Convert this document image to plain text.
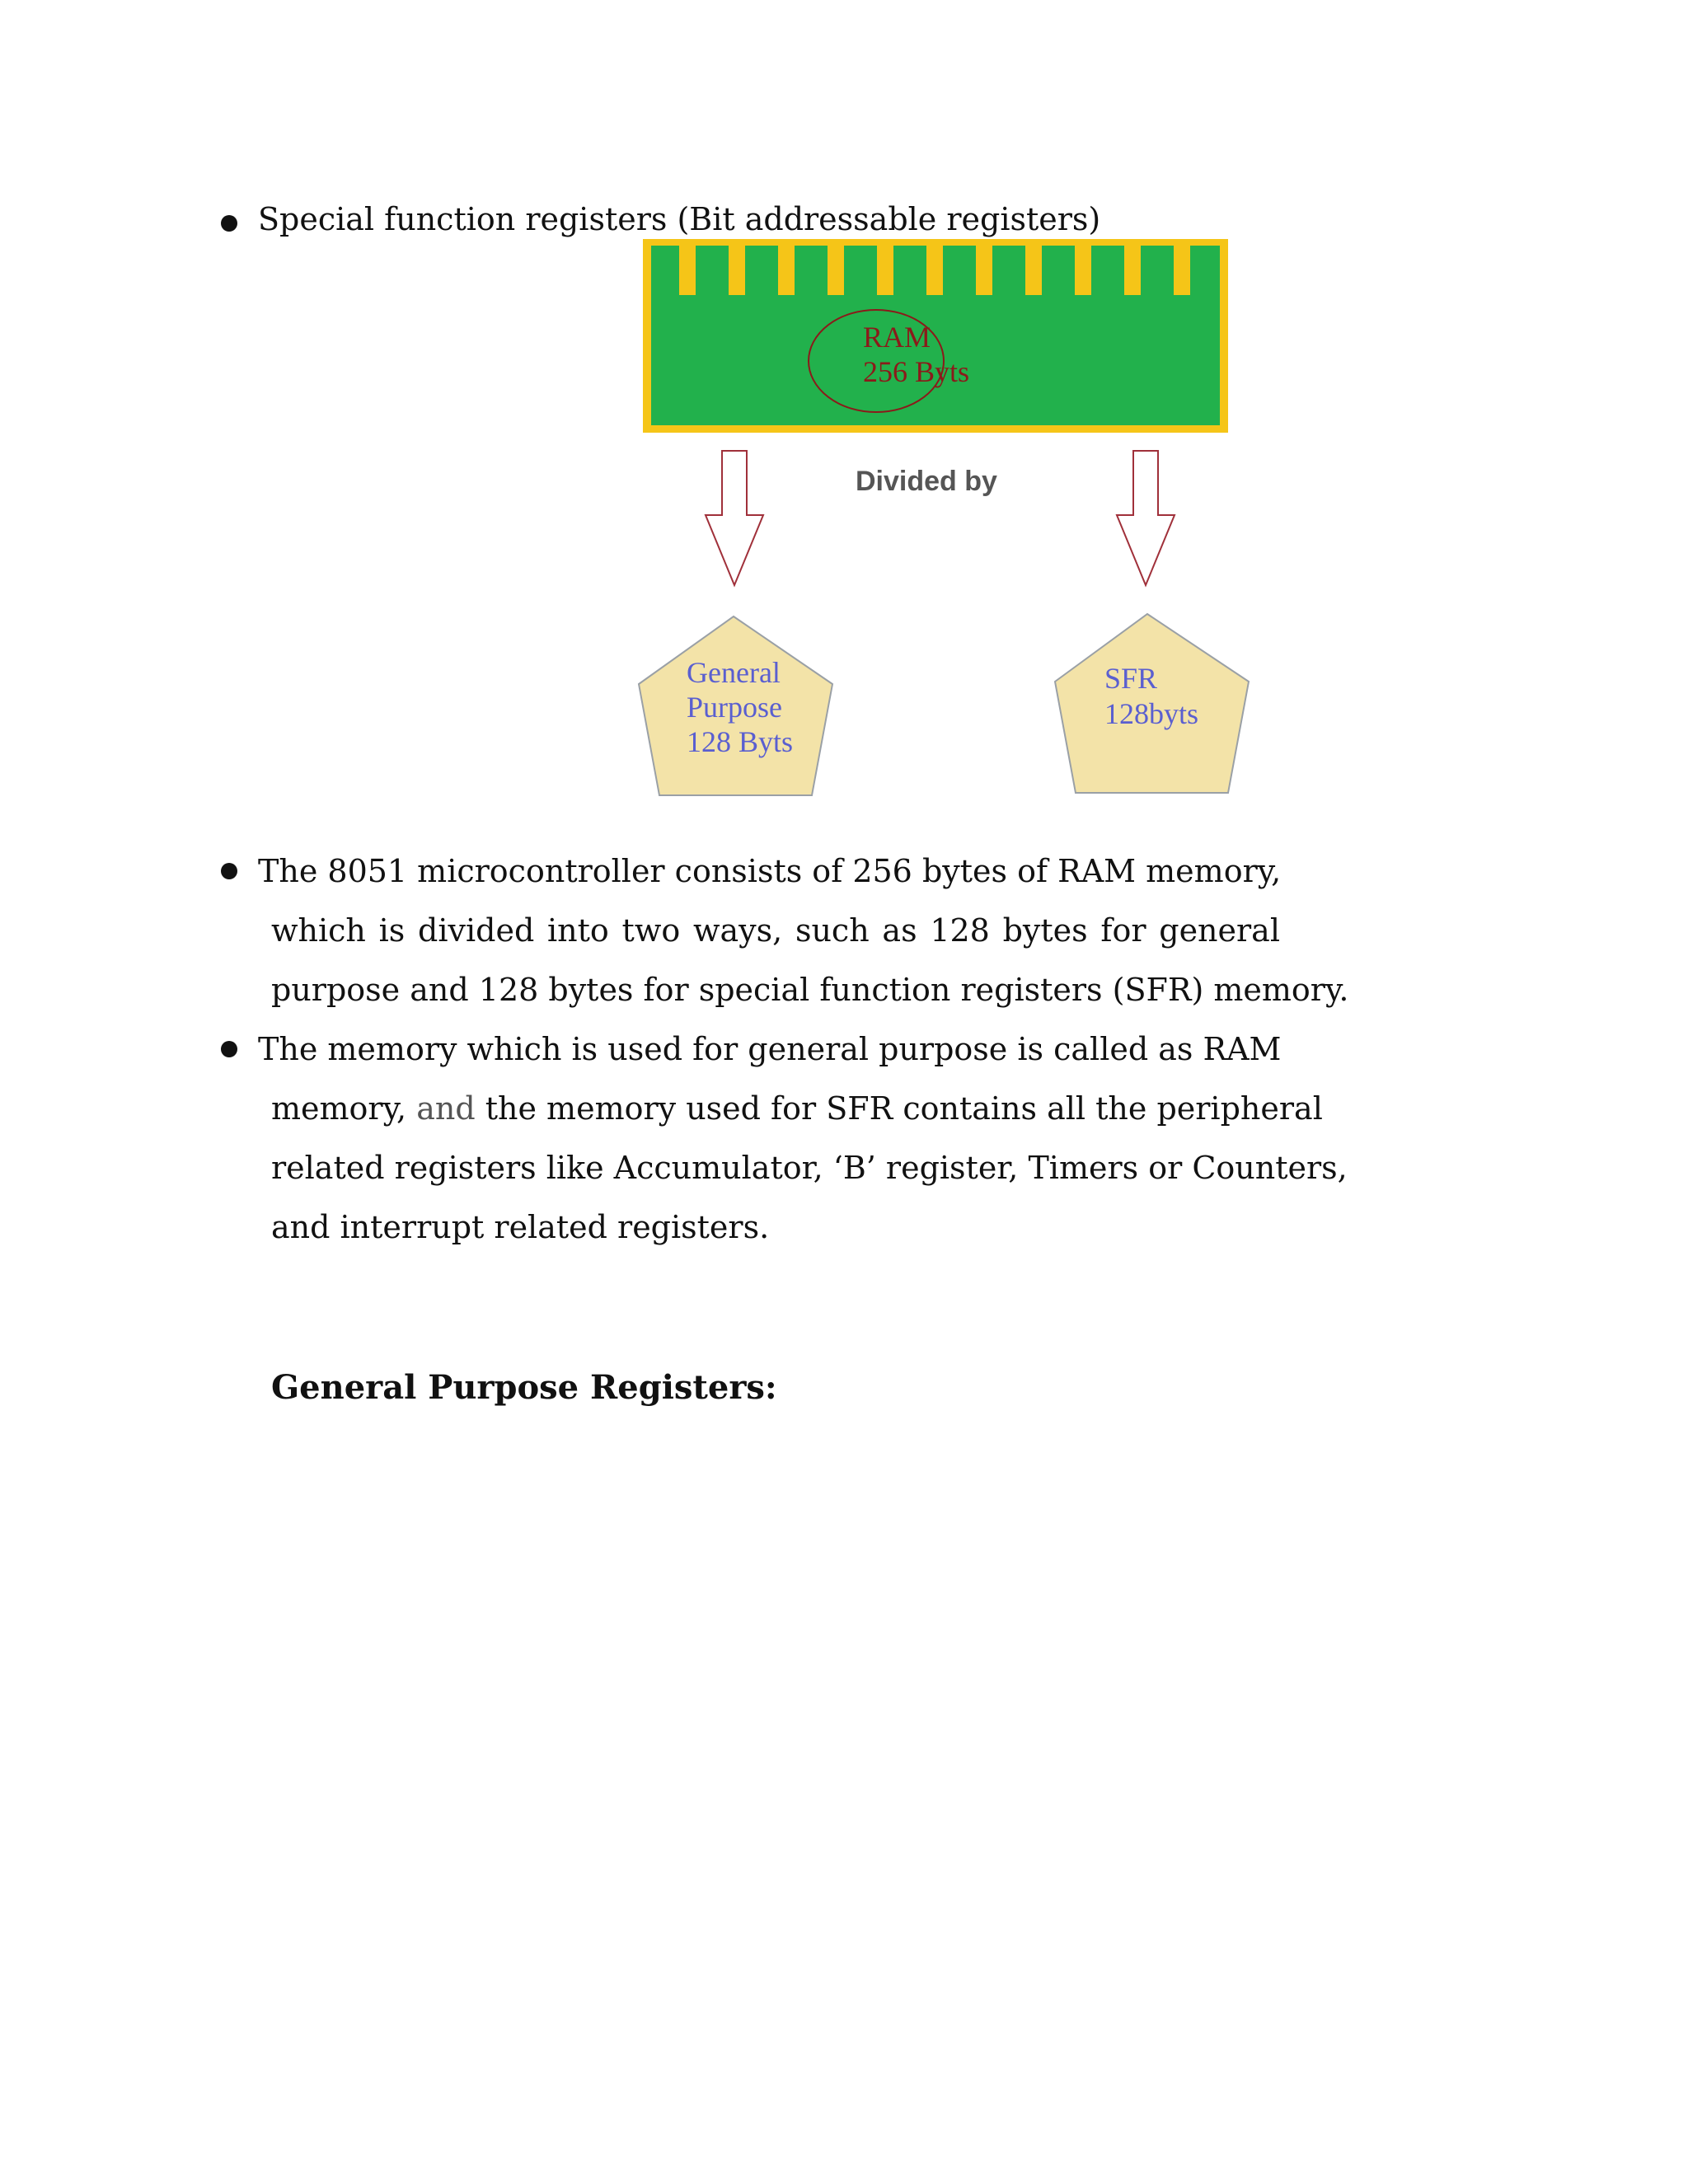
Special function registers (Bit addressable registers)
RAM
256 Byts
Divided by
General
Purpose
128 Byts
SFR
128byts
The 8051 microcontroller consists of 256 bytes of RAM memory,
which is divided into two ways, such as 128 bytes for general
purpose and 128 bytes for special function registers (SFR) memory.
The memory which is used for general purpose is called as RAM
memory, and the memory used for SFR contains all the peripheral
related registers like Accumulator, ‘B’ register, Timers or Counters,
and interrupt related registers.
General Purpose Registers:
